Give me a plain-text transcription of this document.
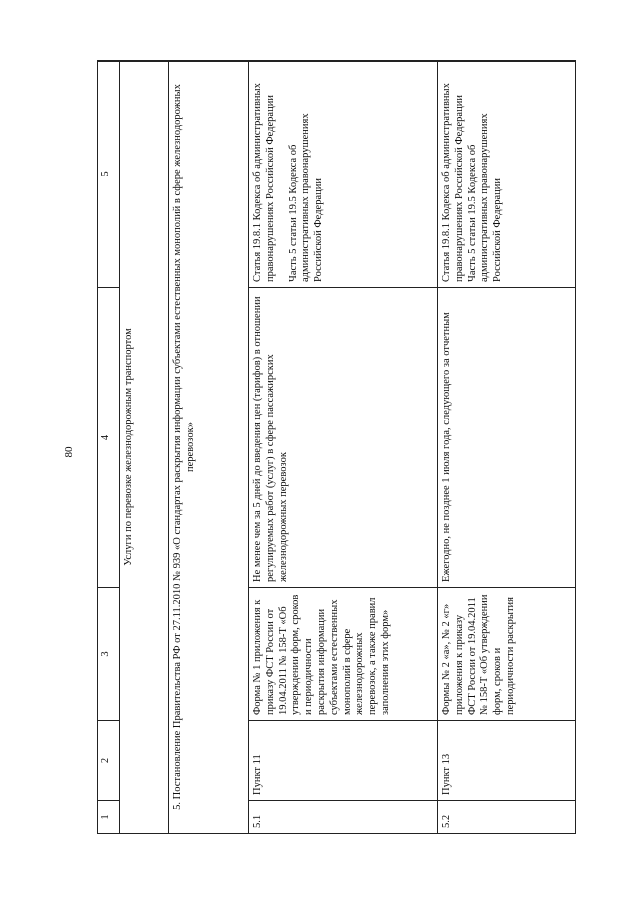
80
1	2	3	4	5
Услуги по перевозке железнодорожным транспортом				
5. Постановление Правительства РФ от 27.11.2010 № 939 «О стандартах раскрытия информации субъектами естественных монополий в сфере железнодорожных перевозок»				
5.1	Пункт 11	Форма № 1 приложения к приказу ФСТ России от 19.04.2011 № 158-Т «Об утверждении форм, сроков и периодичности раскрытия информации субъектами естественных монополий в сфере железнодорожных перевозок, а также правил заполнения этих форм»	Не менее чем за 5 дней до введения цен (тарифов) в отношении регулируемых работ (услуг) в сфере пассажирских железнодорожных перевозок	Статья 19.8.1 Кодекса об административных правонарушениях Российской Федерации Часть 5 статьи 19.5 Кодекса об административных правонарушениях Российской Федерации

5.2	Пункт 13	Формы № 2 «а», № 2 «г» приложения к приказу ФСТ России от 19.04.2011 № 158-Т «Об утверждении форм, сроков и периодичности раскрытия	Ежегодно, не позднее 1 июля года, следующего за отчетным	Статья 19.8.1 Кодекса об административных правонарушениях Российской Федерации Часть 5 статьи 19.5 Кодекса об административных правонарушениях Российской Федерации
